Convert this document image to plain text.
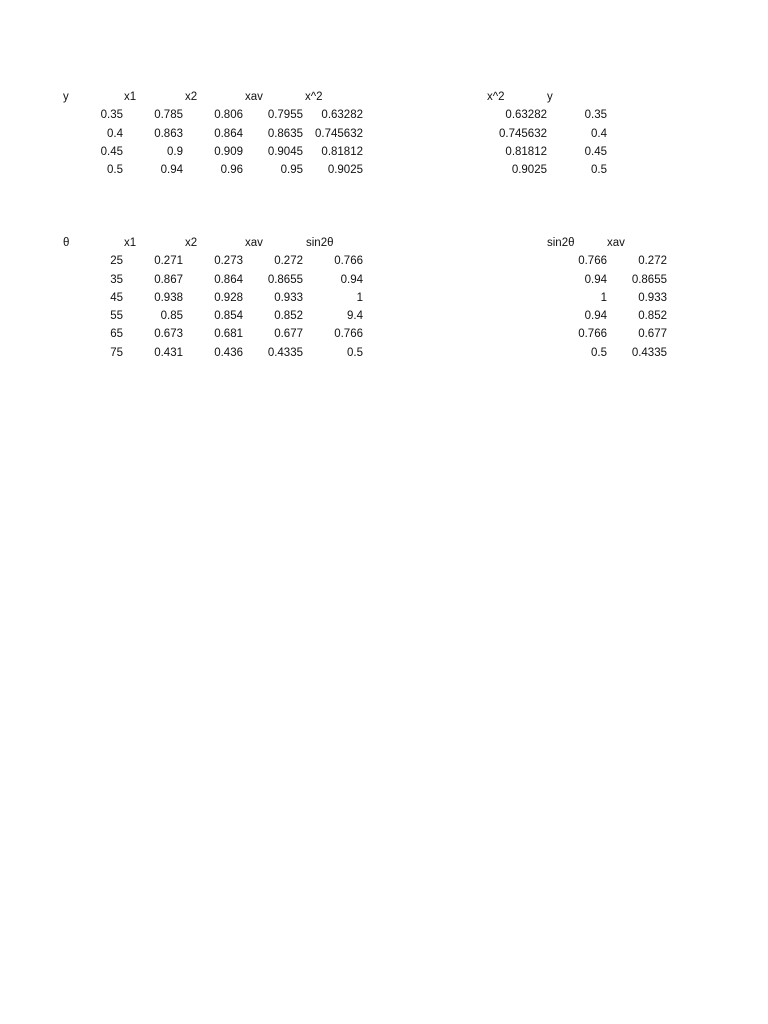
y	x1	x2	xav	x^2
0.35	0.785	0.806	0.7955	0.63282
0.4	0.863	0.864	0.8635	0.745632
0.45	0.9	0.909	0.9045	0.81812
0.5	0.94	0.96	0.95	0.9025
x^2	y
0.63282	0.35
0.745632	0.4
0.81812	0.45
0.9025	0.5
θ	x1	x2	xav	sin2θ
25	0.271	0.273	0.272	0.766
35	0.867	0.864	0.8655	0.94
45	0.938	0.928	0.933	1
55	0.85	0.854	0.852	9.4
65	0.673	0.681	0.677	0.766
75	0.431	0.436	0.4335	0.5
sin2θ	xav
0.766	0.272
0.94	0.8655
1	0.933
0.94	0.852
0.766	0.677
0.5	0.4335
